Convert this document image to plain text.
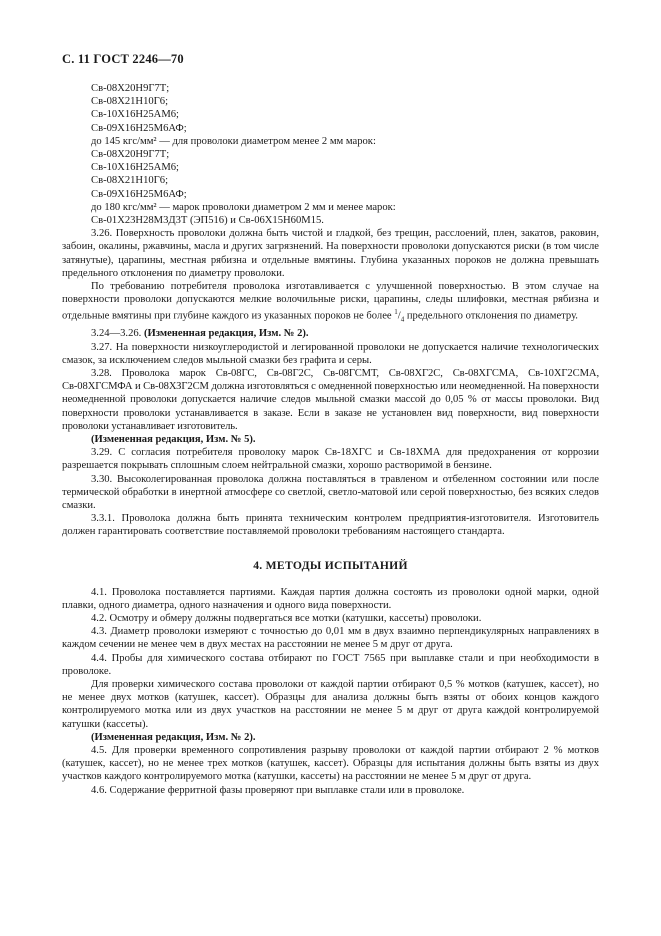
С. 11 ГОСТ 2246—70
Св-08Х20Н9Г7Т;
Св-08Х21Н10Г6;
Св-10Х16Н25АМ6;
Св-09Х16Н25М6АФ;
до 145 кгс/мм² — для проволоки диаметром менее 2 мм марок:
Св-08Х20Н9Г7Т;
Св-10Х16Н25АМ6;
Св-08Х21Н10Г6;
Св-09Х16Н25М6АФ;
до 180 кгс/мм² — марок проволоки диаметром 2 мм и менее марок:
Св-01Х23Н28М3Д3Т (ЭП516) и Св-06Х15Н60М15.

3.26. Поверхность проволоки должна быть чистой и гладкой, без трещин, расслоений, плен, закатов, раковин, забоин, окалины, ржавчины, масла и других загрязнений. На поверхности проволоки допускаются риски (в том числе затянутые), царапины, местная рябизна и отдельные вмятины. Глубина указанных пороков не должна превышать предельного отклонения по диаметру проволоки.

По требованию потребителя проволока изготавливается с улучшенной поверхностью. В этом случае на поверхности проволоки допускаются мелкие волочильные риски, царапины, следы шлифовки, местная рябизна и отдельные вмятины при глубине каждого из указанных пороков не более $^1/_4$ предельного отклонения по диаметру.

3.24—3.26. (Измененная редакция, Изм. № 2).

3.27. На поверхности низкоуглеродистой и легированной проволоки не допускается наличие технологических смазок, за исключением следов мыльной смазки без графита и серы.

3.28. Проволока марок Св-08ГС, Св-08Г2С, Св-08ГСМТ, Св-08ХГ2С, Св-08ХГСМА, Св-10ХГ2СМА, Св-08ХГСМФА и Св-08ХЗГ2СМ должна изготовляться с омедненной поверхностью или неомедненной. На поверхности неомедненной проволоки допускается наличие следов мыльной смазки массой до 0,05 % от массы проволоки. Вид поверхности проволоки устанавливается в заказе. Если в заказе не установлен вид поверхности, вид поверхности проволоки устанавливает изготовитель.

(Измененная редакция, Изм. № 5).

3.29. С согласия потребителя проволоку марок Св-18ХГС и Св-18ХМА для предохранения от коррозии разрешается покрывать сплошным слоем нейтральной смазки, хорошо растворимой в бензине.

3.30. Высоколегированная проволока должна поставляться в травленом и отбеленном состоянии или после термической обработки в инертной атмосфере со светлой, светло-матовой или серой поверхностью, без всяких следов смазки.

3.3.1. Проволока должна быть принята техническим контролем предприятия-изготовителя. Изготовитель должен гарантировать соответствие поставляемой проволоки требованиям настоящего стандарта.

4. МЕТОДЫ ИСПЫТАНИЙ

4.1. Проволока поставляется партиями. Каждая партия должна состоять из проволоки одной марки, одной плавки, одного диаметра, одного назначения и одного вида поверхности.

4.2. Осмотру и обмеру должны подвергаться все мотки (катушки, кассеты) проволоки.

4.3. Диаметр проволоки измеряют с точностью до 0,01 мм в двух взаимно перпендикулярных направлениях в каждом сечении не менее чем в двух местах на расстоянии не менее 5 м друг от друга.

4.4. Пробы для химического состава отбирают по ГОСТ 7565 при выплавке стали и при необходимости в проволоке.

Для проверки химического состава проволоки от каждой партии отбирают 0,5 % мотков (катушек, кассет), но не менее двух мотков (катушек, кассет). Образцы для анализа должны быть взяты от обоих концов каждого контролируемого мотка или из двух участков на расстоянии не менее 5 м друг от друга каждой контролируемой катушки (кассеты).

(Измененная редакция, Изм. № 2).

4.5. Для проверки временного сопротивления разрыву проволоки от каждой партии отбирают 2 % мотков (катушек, кассет), но не менее трех мотков (катушек, кассет). Образцы для испытания должны быть взяты из двух участков каждого контролируемого мотка (катушки, кассеты) на расстоянии не менее 5 м друг от друга.

4.6. Содержание ферритной фазы проверяют при выплавке стали или в проволоке.
